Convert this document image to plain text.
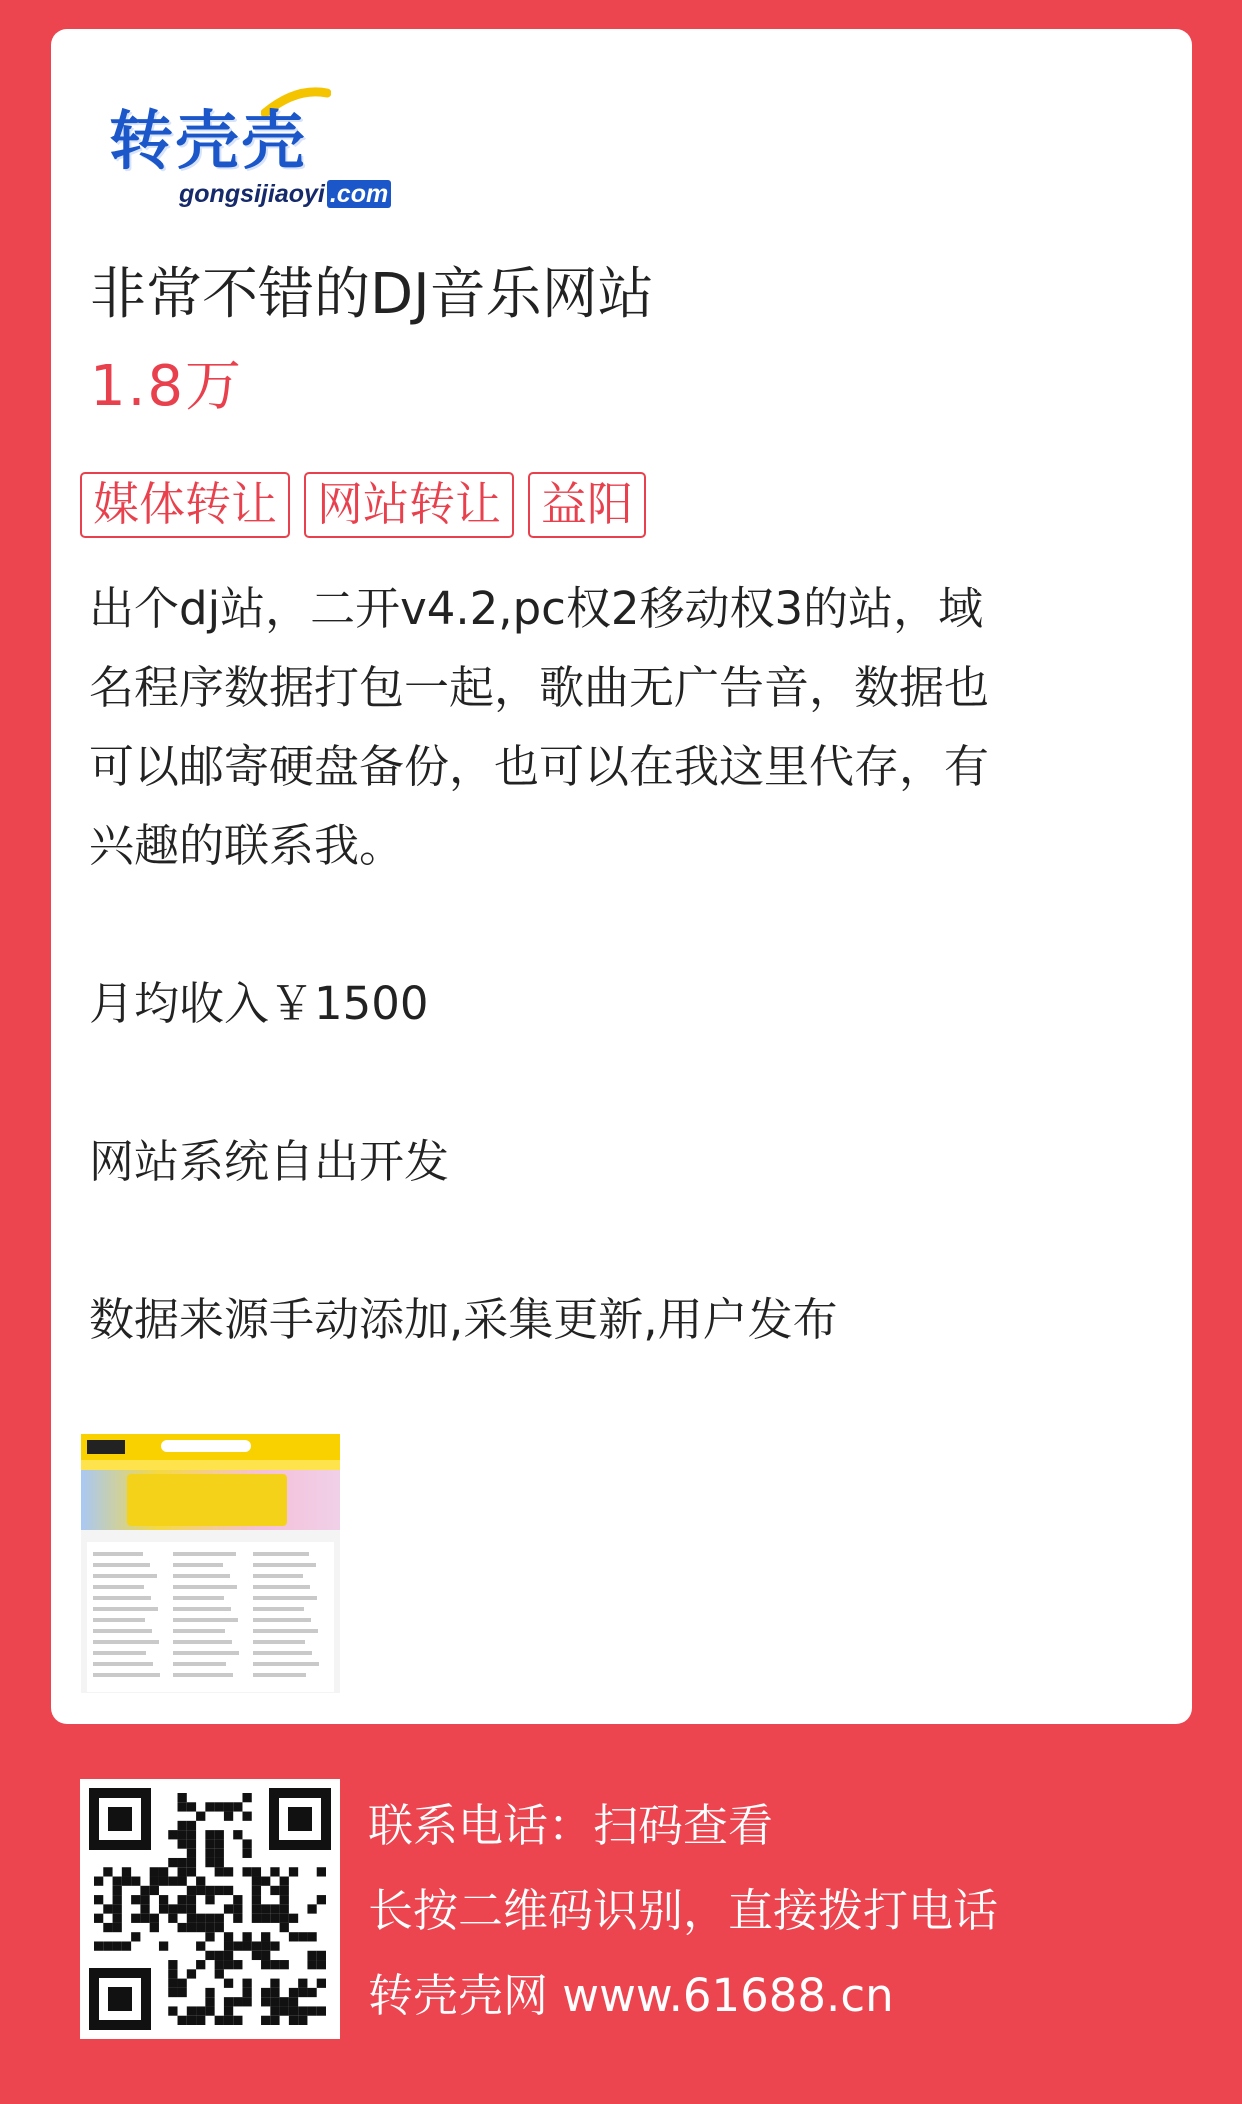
转壳壳
gongsijiaoyi .com
非常不错的DJ音乐网站
1.8万
媒体转让 网站转让 益阳

出个dj站，二开v4.2,pc权2移动权3的站，域

名程序数据打包一起，歌曲无广告音，数据也

可以邮寄硬盘备份，也可以在我这里代存，有

兴趣的联系我。

月均收入￥1500

网站系统自出开发

数据来源手动添加,采集更新,用户发布

联系电话：扫码查看
长按二维码识别，直接拨打电话
转壳壳网 www.61688.cn
